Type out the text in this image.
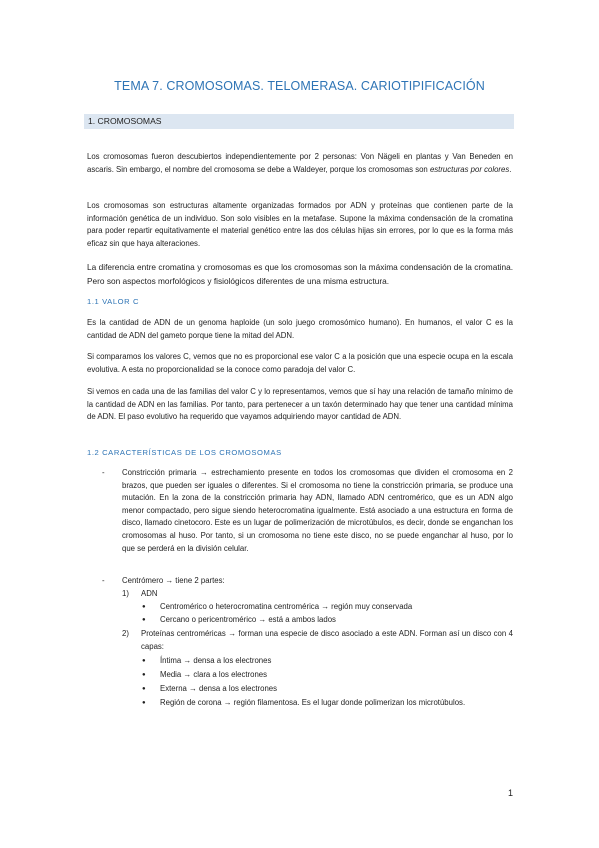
TEMA 7. CROMOSOMAS. TELOMERASA. CARIOTIPIFICACIÓN
1. CROMOSOMAS
Los cromosomas fueron descubiertos independientemente por 2 personas: Von Nägeli en plantas y Van Beneden en ascaris. Sin embargo, el nombre del cromosoma se debe a Waldeyer, porque los cromosomas son estructuras por colores.
Los cromosomas son estructuras altamente organizadas formados por ADN y proteínas que contienen parte de la información genética de un individuo. Son solo visibles en la metafase. Supone la máxima condensación de la cromatina para poder repartir equitativamente el material genético entre las dos células hijas sin errores, por lo que es la forma más eficaz sin que haya alteraciones.
La diferencia entre cromatina y cromosomas es que los cromosomas son la máxima condensación de la cromatina. Pero son aspectos morfológicos y fisiológicos diferentes de una misma estructura.
1.1 VALOR C
Es la cantidad de ADN de un genoma haploide (un solo juego cromosómico humano). En humanos, el valor C es la cantidad de ADN del gameto porque tiene la mitad del ADN.
Si comparamos los valores C, vemos que no es proporcional ese valor C a la posición que una especie ocupa en la escala evolutiva. A esta no proporcionalidad se la conoce como paradoja del valor C.
Si vemos en cada una de las familias del valor C y lo representamos, vemos que sí hay una relación de tamaño mínimo de la cantidad de ADN en las familias. Por tanto, para pertenecer a un taxón determinado hay que tener una cantidad mínima de ADN. El paso evolutivo ha requerido que vayamos adquiriendo mayor cantidad de ADN.
1.2 CARACTERÍSTICAS DE LOS CROMOSOMAS
- Constricción primaria → estrechamiento presente en todos los cromosomas que dividen el cromosoma en 2 brazos, que pueden ser iguales o diferentes. Si el cromosoma no tiene la constricción primaria, se produce una mutación. En la zona de la constricción primaria hay ADN, llamado ADN centromérico, que es un ADN algo menor compactado, pero sigue siendo heterocromatina igualmente. Está asociado a una estructura en forma de disco, llamado cinetocoro. Este es un lugar de polimerización de microtúbulos, es decir, donde se enganchan los cromosomas al huso. Por tanto, si un cromosoma no tiene este disco, no se puede enganchar al huso, por lo que se perderá en la división celular.
- Centrómero → tiene 2 partes:
1) ADN
● Centromérico o heterocromatina centromérica → región muy conservada
● Cercano o pericentromérico → está a ambos lados
2) Proteínas centroméricas → forman una especie de disco asociado a este ADN. Forman así un disco con 4 capas:
● Íntima → densa a los electrones
● Media → clara a los electrones
● Externa → densa a los electrones
● Región de corona → región filamentosa. Es el lugar donde polimerizan los microtúbulos.
1
